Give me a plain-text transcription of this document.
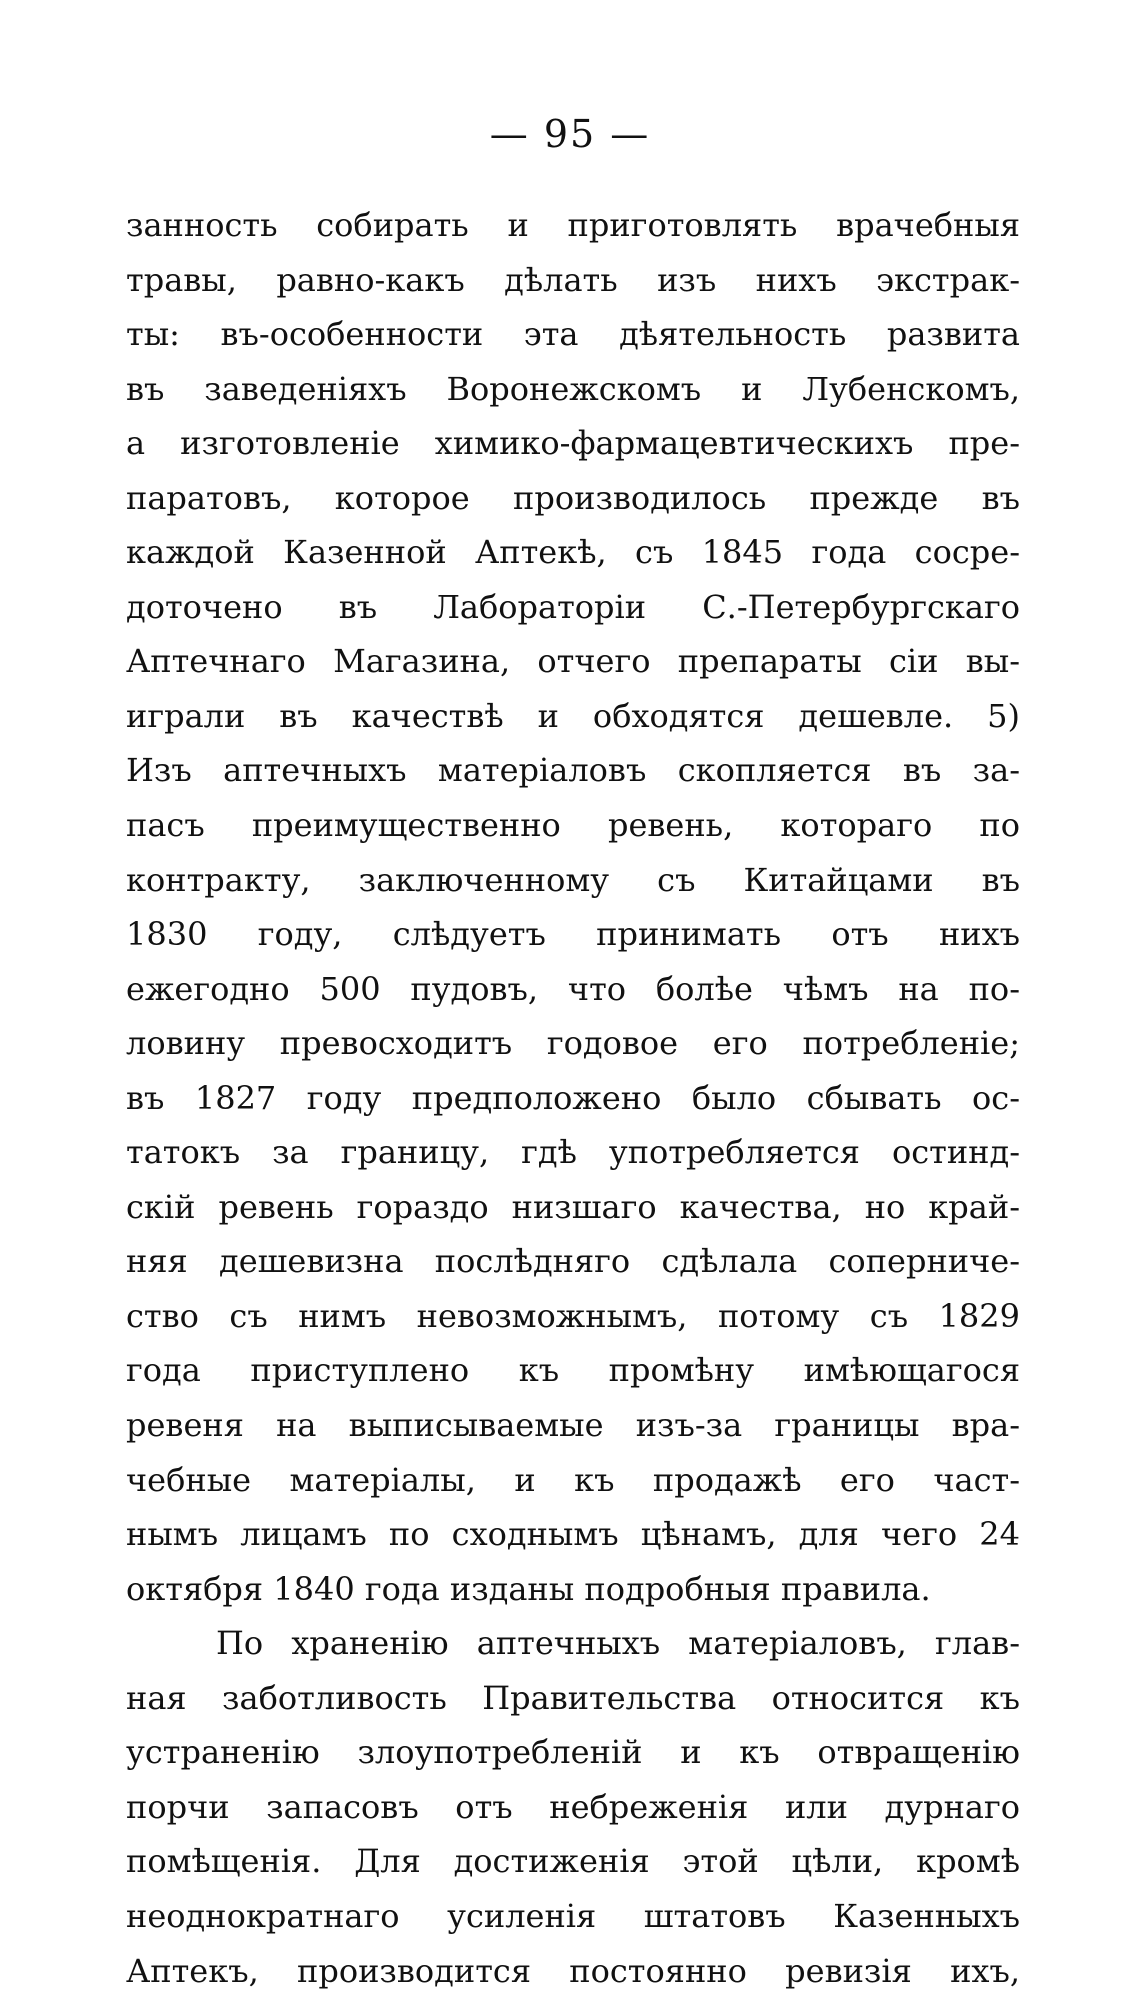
— 95 —
занность собирать и приготовлять врачебныя
травы, равно-какъ дѣлать изъ нихъ экстрак-
ты: въ-особенности эта дѣятельность развита
въ заведеніяхъ Воронежскомъ и Лубенскомъ,
а изготовленіе химико-фармацевтическихъ пре-
паратовъ, которое производилось прежде въ
каждой Казенной Аптекѣ, съ 1845 года сосре-
доточено въ Лабораторіи С.-Петербургскаго
Аптечнаго Магазина, отчего препараты сіи вы-
играли въ качествѣ и обходятся дешевле. 5)
Изъ аптечныхъ матеріаловъ скопляется въ за-
пасъ преимущественно ревень, котораго по
контракту, заключенному съ Китайцами въ
1830 году, слѣдуетъ принимать отъ нихъ
ежегодно 500 пудовъ, что болѣе чѣмъ на по-
ловину превосходитъ годовое его потребленіе;
въ 1827 году предположено было сбывать ос-
татокъ за границу, гдѣ употребляется остинд-
скій ревень гораздо низшаго качества, но край-
няя дешевизна послѣдняго сдѣлала соперниче-
ство съ нимъ невозможнымъ, потому съ 1829
года приступлено къ промѣну имѣющагося
ревеня на выписываемые изъ-за границы вра-
чебные матеріалы, и къ продажѣ его част-
нымъ лицамъ по сходнымъ цѣнамъ, для чего 24
октября 1840 года изданы подробныя правила.
По храненію аптечныхъ матеріаловъ, глав-
ная заботливость Правительства относится къ
устраненію злоупотребленій и къ отвращенію
порчи запасовъ отъ небреженія или дурнаго
помѣщенія. Для достиженія этой цѣли, кромѣ
неоднократнаго усиленія штатовъ Казенныхъ
Аптекъ, производится постоянно ревизія ихъ,
